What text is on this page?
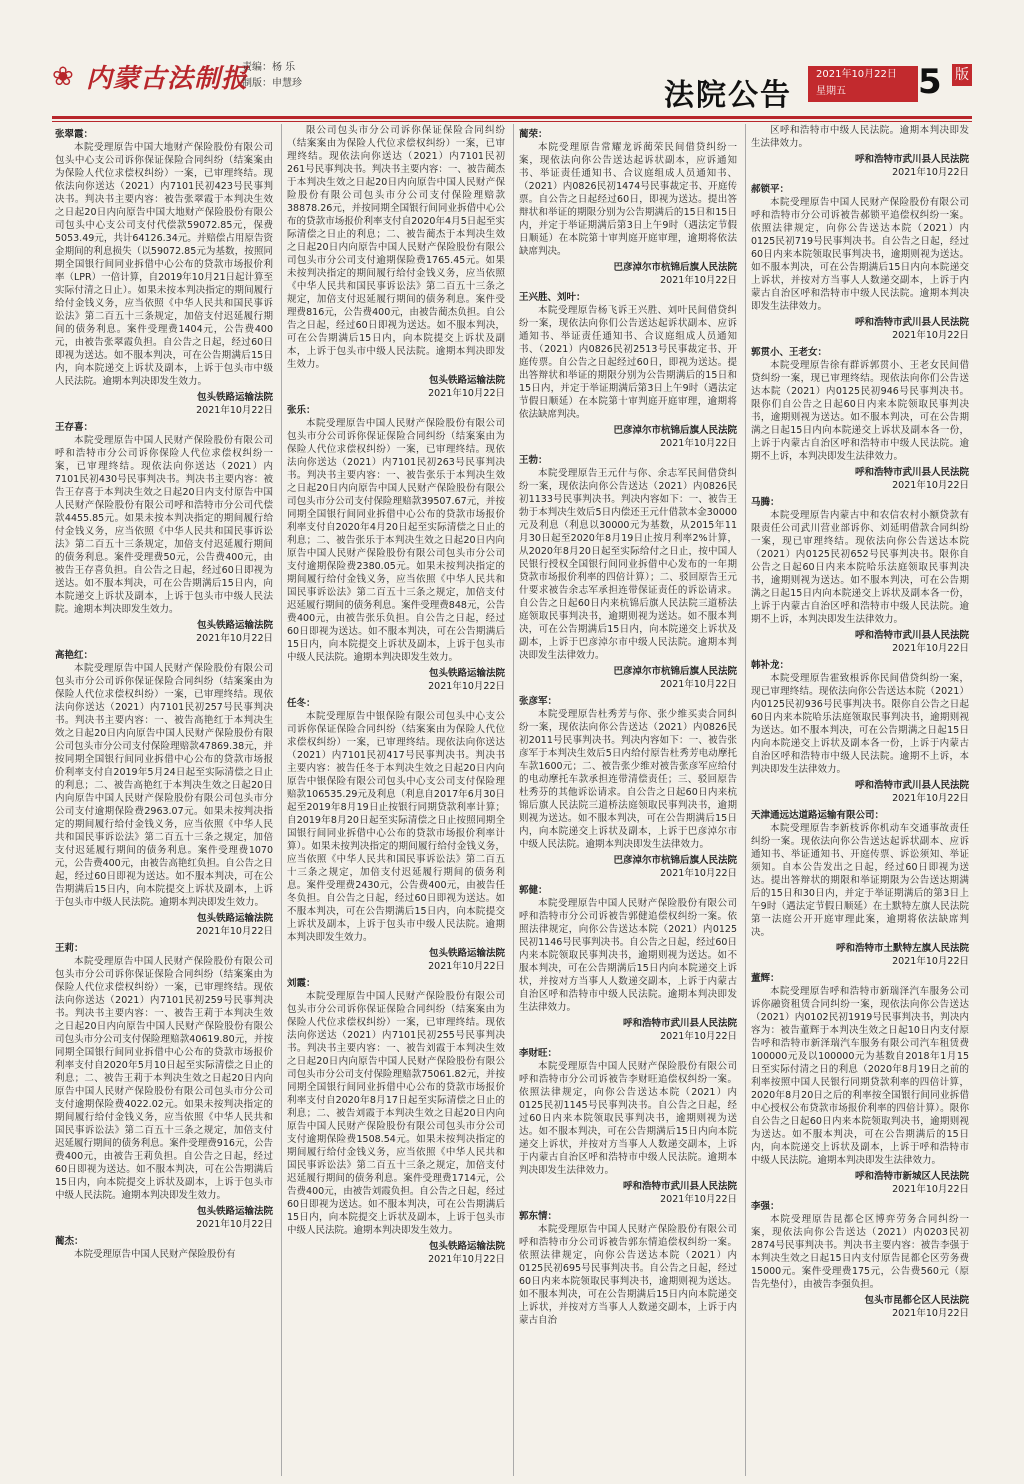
❀ 内蒙古法制报
责编：杨 乐
制版：申慧珍	法院公告
2021年10月22日
星期五	5 版
张翠霞：
本院受理原告中国大地财产保险股份有限公司包头中心支公司诉你保证保险合同纠纷（结案案由为保险人代位求偿权纠纷）一案，已审理终结。现依法向你送达（2021）内7101民初423号民事判决书。判决书主要内容：被告张翠霞于本判决生效之日起20日内向原告中国大地财产保险股份有限公司包头中心支公司支付代偿款59072.85元，保费5053.49元，共计64126.34元。并赔偿占用原告资金期间的利息损失（以59072.85元为基数，按照同期全国银行间同业拆借中心公布的贷款市场报价利率（LPR）一倍计算，自2019年10月21日起计算至实际付清之日止）。如果未按本判决指定的期间履行给付金钱义务，应当依照《中华人民共和国民事诉讼法》第二百五十三条规定，加倍支付迟延履行期间的债务利息。案件受理费1404元，公告费400元，由被告张翠霞负担。自公告之日起，经过60日即视为送达。如不服本判决，可在公告期满后15日内，向本院递交上诉状及副本，上诉于包头市中级人民法院。逾期本判决即发生效力。
包头铁路运输法院
2021年10月22日
王存喜：
本院受理原告中国人民财产保险股份有限公司呼和浩特市分公司诉你保险人代位求偿权纠纷一案，已审理终结。现依法向你送达（2021）内7101民初430号民事判决书。判决书主要内容：被告王存喜于本判决生效之日起20日内支付原告中国人民财产保险股份有限公司呼和浩特市分公司代偿款4455.85元。如果未按本判决指定的期间履行给付金钱义务，应当依照《中华人民共和国民事诉讼法》第二百五十三条规定，加倍支付迟延履行期间的债务利息。案件受理费50元，公告费400元，由被告王存喜负担。自公告之日起，经过60日即视为送达。如不服本判决，可在公告期满后15日内，向本院递交上诉状及副本，上诉于包头市中级人民法院。逾期本判决即发生效力。
包头铁路运输法院
2021年10月22日
高艳红：
本院受理原告中国人民财产保险股份有限公司包头市分公司诉你保证保险合同纠纷（结案案由为保险人代位求偿权纠纷）一案，已审理终结。现依法向你送达（2021）内7101民初257号民事判决书。判决书主要内容：一、被告高艳红于本判决生效之日起20日内向原告中国人民财产保险股份有限公司包头市分公司支付保险理赔款47869.38元，并按同期全国银行间同业拆借中心公布的贷款市场报价利率支付自2019年5月24日起至实际清偿之日止的利息；二、被告高艳红于本判决生效之日起20日内向原告中国人民财产保险股份有限公司包头市分公司支付逾期保险费2963.07元。如果未按判决指定的期间履行给付金钱义务，应当依照《中华人民共和国民事诉讼法》第二百五十三条之规定，加倍支付迟延履行期间的债务利息。案件受理费1070元，公告费400元，由被告高艳红负担。自公告之日起，经过60日即视为送达。如不服本判决，可在公告期满后15日内，向本院提交上诉状及副本，上诉于包头市中级人民法院。逾期本判决即发生效力。
包头铁路运输法院
2021年10月22日
王莉：
本院受理原告中国人民财产保险股份有限公司包头市分公司诉你保证保险合同纠纷（结案案由为保险人代位求偿权纠纷）一案，已审理终结。现依法向你送达（2021）内7101民初259号民事判决书。判决书主要内容：一、被告王莉于本判决生效之日起20日内向原告中国人民财产保险股份有限公司包头市分公司支付保险理赔款40619.80元，并按同期全国银行间同业拆借中心公布的贷款市场报价利率支付自2020年5月10日起至实际清偿之日止的利息；二、被告王莉于本判决生效之日起20日内向原告中国人民财产保险股份有限公司包头市分公司支付逾期保险费4022.02元。如果未按判决指定的期间履行给付金钱义务，应当依照《中华人民共和国民事诉讼法》第二百五十三条之规定，加倍支付迟延履行期间的债务利息。案件受理费916元，公告费400元，由被告王莉负担。自公告之日起，经过60日即视为送达。如不服本判决，可在公告期满后15日内，向本院提交上诉状及副本，上诉于包头市中级人民法院。逾期本判决即发生效力。
包头铁路运输法院
2021年10月22日
蔺杰：
本院受理原告中国人民财产保险股份有
限公司包头市分公司诉你保证保险合同纠纷（结案案由为保险人代位求偿权纠纷）一案，已审理终结。现依法向你送达（2021）内7101民初261号民事判决书。判决书主要内容：一、被告蔺杰于本判决生效之日起20日内向原告中国人民财产保险股份有限公司包头市分公司支付保险理赔款38878.26元，并按同期全国银行间同业拆借中心公布的贷款市场报价利率支付自2020年4月5日起至实际清偿之日止的利息；二、被告蔺杰于本判决生效之日起20日内向原告中国人民财产保险股份有限公司包头市分公司支付逾期保险费1765.45元。如果未按判决指定的期间履行给付金钱义务，应当依照《中华人民共和国民事诉讼法》第二百五十三条之规定，加倍支付迟延履行期间的债务利息。案件受理费816元，公告费400元，由被告蔺杰负担。自公告之日起，经过60日即视为送达。如不服本判决，可在公告期满后15日内，向本院提交上诉状及副本，上诉于包头市中级人民法院。逾期本判决即发生效力。
包头铁路运输法院
2021年10月22日
张乐：
本院受理原告中国人民财产保险股份有限公司包头市分公司诉你保证保险合同纠纷（结案案由为保险人代位求偿权纠纷）一案，已审理终结。现依法向你送达（2021）内7101民初263号民事判决书。判决书主要内容：一、被告张乐于本判决生效之日起20日内向原告中国人民财产保险股份有限公司包头市分公司支付保险理赔款39507.67元，并按同期全国银行间同业拆借中心公布的贷款市场报价利率支付自2020年4月20日起至实际清偿之日止的利息；二、被告张乐于本判决生效之日起20日内向原告中国人民财产保险股份有限公司包头市分公司支付逾期保险费2380.05元。如果未按判决指定的期间履行给付金钱义务，应当依照《中华人民共和国民事诉讼法》第二百五十三条之规定，加倍支付迟延履行期间的债务利息。案件受理费848元，公告费400元，由被告张乐负担。自公告之日起，经过60日即视为送达。如不服本判决，可在公告期满后15日内，向本院提交上诉状及副本，上诉于包头市中级人民法院。逾期本判决即发生效力。
包头铁路运输法院
2021年10月22日
任冬：
本院受理原告中银保险有限公司包头中心支公司诉你保证保险合同纠纷（结案案由为保险人代位求偿权纠纷）一案，已审理终结。现依法向你送达（2021）内7101民初417号民事判决书。判决书主要内容：被告任冬于本判决生效之日起20日内向原告中银保险有限公司包头中心支公司支付保险理赔款106535.29元及利息（利息自2017年6月30日起至2019年8月19日止按银行同期贷款利率计算；自2019年8月20日起至实际清偿之日止按照同期全国银行间同业拆借中心公布的贷款市场报价利率计算）。如果未按判决指定的期间履行给付金钱义务，应当依照《中华人民共和国民事诉讼法》第二百五十三条之规定，加倍支付迟延履行期间的债务利息。案件受理费2430元，公告费400元，由被告任冬负担。自公告之日起，经过60日即视为送达。如不服本判决，可在公告期满后15日内，向本院提交上诉状及副本，上诉于包头市中级人民法院。逾期本判决即发生效力。
包头铁路运输法院
2021年10月22日
刘霞：
本院受理原告中国人民财产保险股份有限公司包头市分公司诉你保证保险合同纠纷（结案案由为保险人代位求偿权纠纷）一案，已审理终结。现依法向你送达（2021）内7101民初255号民事判决书。判决书主要内容：一、被告刘霞于本判决生效之日起20日内向原告中国人民财产保险股份有限公司包头市分公司支付保险理赔款75061.82元，并按同期全国银行间同业拆借中心公布的贷款市场报价利率支付自2020年8月17日起至实际清偿之日止的利息；二、被告刘霞于本判决生效之日起20日内向原告中国人民财产保险股份有限公司包头市分公司支付逾期保险费1508.54元。如果未按判决指定的期间履行给付金钱义务，应当依照《中华人民共和国民事诉讼法》第二百五十三条之规定，加倍支付迟延履行期间的债务利息。案件受理费1714元，公告费400元，由被告刘霞负担。自公告之日起，经过60日即视为送达。如不服本判决，可在公告期满后15日内，向本院提交上诉状及副本，上诉于包头市中级人民法院。逾期本判决即发生效力。
包头铁路运输法院
2021年10月22日
蔺荣：
本院受理原告常耀龙诉蔺荣民间借贷纠纷一案，现依法向你公告送达起诉状副本，应诉通知书、举证责任通知书、合议庭组成人员通知书、（2021）内0826民初1474号民事裁定书、开庭传票。自公告之日起经过60日，即视为送达。提出答辩状和举证的期限分别为公告期满后的15日和15日内，并定于举证期满后第3日上午9时（遇法定节假日顺延）在本院第十审判庭开庭审理，逾期将依法缺席判决。
巴彦淖尔市杭锦后旗人民法院
2021年10月22日
王兴胜、刘叶：
本院受理原告杨飞诉王兴胜、刘叶民间借贷纠纷一案，现依法向你们公告送达起诉状副本、应诉通知书、举证责任通知书、合议庭组成人员通知书、（2021）内0826民初2513号民事裁定书、开庭传票。自公告之日起经过60日，即视为送达。提出答辩状和举证的期限分别为公告期满后的15日和15日内，并定于举证期满后第3日上午9时（遇法定节假日顺延）在本院第十审判庭开庭审理，逾期将依法缺席判决。
巴彦淖尔市杭锦后旗人民法院
2021年10月22日
王勃：
本院受理原告王元什与你、余志军民间借贷纠纷一案，现依法向你公告送达（2021）内0826民初1133号民事判决书。判决内容如下：一、被告王勃于本判决生效后5日内偿还王元什借款本金30000元及利息（利息以30000元为基数，从2015年11月30日起至2020年8月19日止按月利率2%计算，从2020年8月20日起至实际给付之日止，按中国人民银行授权全国银行间同业拆借中心发布的一年期贷款市场报价利率的四倍计算）；二、驳回原告王元什要求被告余志军承担连带保证责任的诉讼请求。自公告之日起60日内来杭锦后旗人民法院三道桥法庭领取民事判决书，逾期则视为送达。如不服本判决，可在公告期满后15日内，向本院递交上诉状及副本，上诉于巴彦淖尔市中级人民法院。逾期本判决即发生法律效力。
巴彦淖尔市杭锦后旗人民法院
2021年10月22日
张彦军：
本院受理原告杜秀芳与你、张少维买卖合同纠纷一案，现依法向你公告送达（2021）内0826民初2011号民事判决书。判决内容如下：一、被告张彦军于本判决生效后5日内给付原告杜秀芳电动摩托车款1600元；二、被告张少维对被告张彦军应给付的电动摩托车款承担连带清偿责任；三、驳回原告杜秀芬的其他诉讼请求。自公告之日起60日内来杭锦后旗人民法院三道桥法庭领取民事判决书，逾期则视为送达。如不服本判决，可在公告期满后15日内，向本院递交上诉状及副本，上诉于巴彦淖尔市中级人民法院。逾期本判决即发生法律效力。
巴彦淖尔市杭锦后旗人民法院
2021年10月22日
郭健：
本院受理原告中国人民财产保险股份有限公司呼和浩特市分公司诉被告郭健追偿权纠纷一案。依照法律规定，向你公告送达本院（2021）内0125民初1146号民事判决书。自公告之日起，经过60日内来本院领取民事判决书，逾期则视为送达。如不服本判决，可在公告期满后15日内向本院递交上诉状，并按对方当事人人数递交副本，上诉于内蒙古自治区呼和浩特市中级人民法院。逾期本判决即发生法律效力。
呼和浩特市武川县人民法院
2021年10月22日
李财旺：
本院受理原告中国人民财产保险股份有限公司呼和浩特市分公司诉被告李财旺追偿权纠纷一案。依照法律规定，向你公告送达本院（2021）内0125民初1145号民事判决书。自公告之日起，经过60日内来本院领取民事判决书，逾期则视为送达。如不服本判决，可在公告期满后15日内向本院递交上诉状，并按对方当事人人数递交副本，上诉于内蒙古自治区呼和浩特市中级人民法院。逾期本判决即发生法律效力。
呼和浩特市武川县人民法院
2021年10月22日
郭东情：
本院受理原告中国人民财产保险股份有限公司呼和浩特市分公司诉被告郭东情追偿权纠纷一案。依照法律规定，向你公告送达本院（2021）内0125民初695号民事判决书。自公告之日起，经过60日内来本院领取民事判决书，逾期则视为送达。如不服本判决，可在公告期满后15日内向本院递交上诉状，并按对方当事人人数递交副本，上诉于内蒙古自治
区呼和浩特市中级人民法院。逾期本判决即发生法律效力。
呼和浩特市武川县人民法院
2021年10月22日
郝锁平：
本院受理原告中国人民财产保险股份有限公司呼和浩特市分公司诉被告郝锁平追偿权纠纷一案。依照法律规定，向你公告送达本院（2021）内0125民初719号民事判决书。自公告之日起，经过60日内来本院领取民事判决书，逾期则视为送达。如不服本判决，可在公告期满后15日内向本院递交上诉状，并按对方当事人人数递交副本，上诉于内蒙古自治区呼和浩特市中级人民法院。逾期本判决即发生法律效力。
呼和浩特市武川县人民法院
2021年10月22日
郭贯小、王老女：
本院受理原告徐有群诉郭贯小、王老女民间借贷纠纷一案，现已审理终结。现依法向你们公告送达本院（2021）内0125民初946号民事判决书。限你们自公告之日起60日内来本院领取民事判决书，逾期则视为送达。如不服本判决，可在公告期满之日起15日内向本院递交上诉状及副本各一份，上诉于内蒙古自治区呼和浩特市中级人民法院。逾期不上诉，本判决即发生法律效力。
呼和浩特市武川县人民法院
2021年10月22日
马腾：
本院受理原告内蒙古中和农信农村小额贷款有限责任公司武川营业部诉你、刘延明借款合同纠纷一案，现已审理终结。现依法向你公告送达本院（2021）内0125民初652号民事判决书。限你自公告之日起60日内来本院哈乐法庭领取民事判决书，逾期则视为送达。如不服本判决，可在公告期满之日起15日内向本院递交上诉状及副本各一份，上诉于内蒙古自治区呼和浩特市中级人民法院。逾期不上诉，本判决即发生法律效力。
呼和浩特市武川县人民法院
2021年10月22日
韩补龙：
本院受理原告霍致根诉你民间借贷纠纷一案，现已审理终结。现依法向你公告送达本院（2021）内0125民初936号民事判决书。限你自公告之日起60日内来本院哈乐法庭领取民事判决书，逾期则视为送达。如不服本判决，可在公告期满之日起15日内向本院递交上诉状及副本各一份，上诉于内蒙古自治区呼和浩特市中级人民法院。逾期不上诉，本判决即发生法律效力。
呼和浩特市武川县人民法院
2021年10月22日
天津通远达道路运输有限公司：
本院受理原告李新枝诉你机动车交通事故责任纠纷一案。现依法向你公告送达起诉状副本、应诉通知书、举证通知书、开庭传票、诉讼须知、举证须知。自本公告发出之日起，经过60日即视为送达。提出答辩状的期限和举证期限为公告送达期满后的15日和30日内，并定于举证期满后的第3日上午9时（遇法定节假日顺延）在土默特左旗人民法院第一法庭公开开庭审理此案，逾期将依法缺席判决。
呼和浩特市土默特左旗人民法院
2021年10月22日
董辉：
本院受理原告呼和浩特市新瑞泽汽车服务公司诉你融资租赁合同纠纷一案，现依法向你公告送达（2021）内0102民初1919号民事判决书，判决内容为：被告董辉于本判决生效之日起10日内支付原告呼和浩特市新泽瑞汽车服务有限公司汽车租赁费100000元及以100000元为基数自2018年1月15日至实际付清之日的利息（2020年8月19日之前的利率按照中国人民银行同期贷款利率的四倍计算，2020年8月20日之后的利率按全国银行间同业拆借中心授权公布贷款市场报价利率的四倍计算）。限你自公告之日起60日内来本院领取判决书，逾期则视为送达。如不服本判决，可在公告期满后的15日内，向本院递交上诉状及副本，上诉于呼和浩特市中级人民法院。逾期本判决即发生法律效力。
呼和浩特市新城区人民法院
2021年10月22日
李强：
本院受理原告昆都仑区博弈劳务合同纠纷一案，现依法向你公告送达（2021）内0203民初2874号民事判决书。判决书主要内容：被告李强于本判决生效之日起15日内支付原告昆都仑区劳务费15000元。案件受理费175元，公告费560元（原告先垫付），由被告李强负担。
包头市昆都仑区人民法院
2021年10月22日
